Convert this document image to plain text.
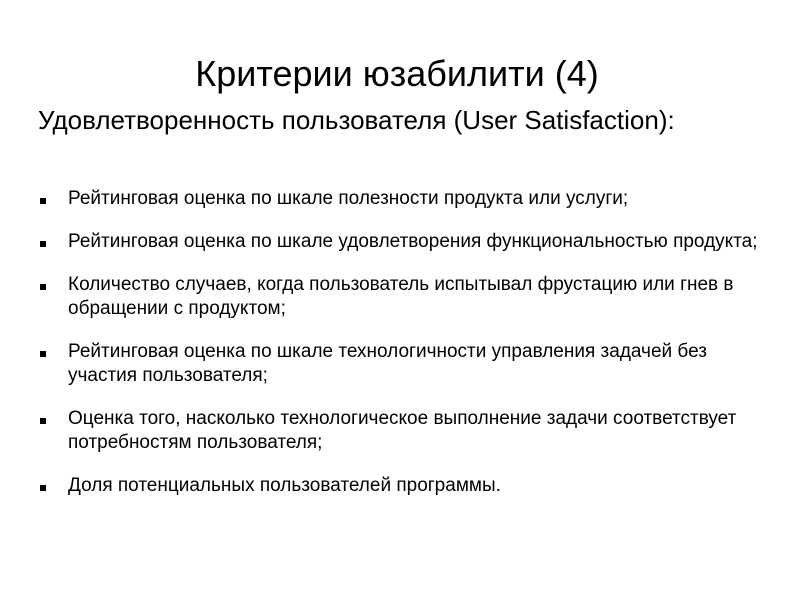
Критерии юзабилити (4)
Удовлетворенность пользователя (User Satisfaction):
Рейтинговая оценка по шкале полезности продукта или услуги;
Рейтинговая оценка по шкале удовлетворения функциональностью продукта;
Количество случаев, когда пользователь испытывал фрустацию или гнев в обращении с продуктом;
Рейтинговая оценка по шкале технологичности управления задачей без участия пользователя;
Оценка того, насколько технологическое выполнение задачи соответствует потребностям пользователя;
Доля потенциальных пользователей программы.
